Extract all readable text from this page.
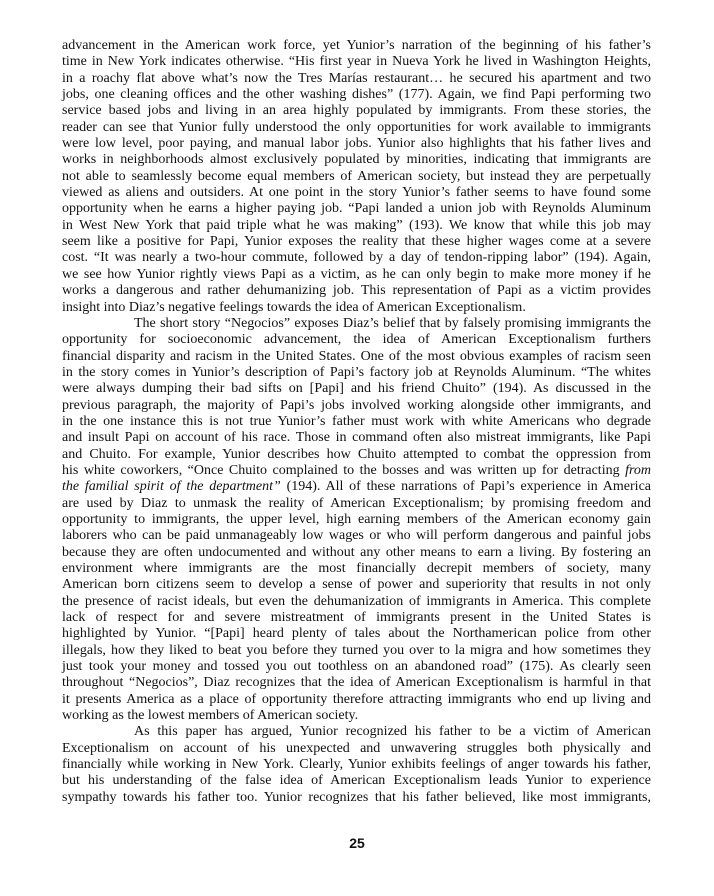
advancement in the American work force, yet Yunior’s narration of the beginning of his father’s
time in New York indicates otherwise. “His first year in Nueva York he lived in Washington Heights,
in a roachy flat above what’s now the Tres Marías restaurant… he secured his apartment and two
jobs, one cleaning offices and the other washing dishes” (177). Again, we find Papi performing two
service based jobs and living in an area highly populated by immigrants. From these stories, the
reader can see that Yunior fully understood the only opportunities for work available to immigrants
were low level, poor paying, and manual labor jobs. Yunior also highlights that his father lives and
works in neighborhoods almost exclusively populated by minorities, indicating that immigrants are
not able to seamlessly become equal members of American society, but instead they are perpetually
viewed as aliens and outsiders. At one point in the story Yunior’s father seems to have found some
opportunity when he earns a higher paying job. “Papi landed a union job with Reynolds Aluminum
in West New York that paid triple what he was making” (193). We know that while this job may
seem like a positive for Papi, Yunior exposes the reality that these higher wages come at a severe
cost. “It was nearly a two-hour commute, followed by a day of tendon-ripping labor” (194). Again,
we see how Yunior rightly views Papi as a victim, as he can only begin to make more money if he
works a dangerous and rather dehumanizing job. This representation of Papi as a victim provides
insight into Diaz’s negative feelings towards the idea of American Exceptionalism.
The short story “Negocios” exposes Diaz’s belief that by falsely promising immigrants the
opportunity for socioeconomic advancement, the idea of American Exceptionalism furthers
financial disparity and racism in the United States. One of the most obvious examples of racism seen
in the story comes in Yunior’s description of Papi’s factory job at Reynolds Aluminum. “The whites
were always dumping their bad sifts on [Papi] and his friend Chuito” (194). As discussed in the
previous paragraph, the majority of Papi’s jobs involved working alongside other immigrants, and
in the one instance this is not true Yunior’s father must work with white Americans who degrade
and insult Papi on account of his race. Those in command often also mistreat immigrants, like Papi
and Chuito. For example, Yunior describes how Chuito attempted to combat the oppression from
his white coworkers, “Once Chuito complained to the bosses and was written up for detracting from
the familial spirit of the department” (194). All of these narrations of Papi’s experience in America
are used by Diaz to unmask the reality of American Exceptionalism; by promising freedom and
opportunity to immigrants, the upper level, high earning members of the American economy gain
laborers who can be paid unmanageably low wages or who will perform dangerous and painful jobs
because they are often undocumented and without any other means to earn a living. By fostering an
environment where immigrants are the most financially decrepit members of society, many
American born citizens seem to develop a sense of power and superiority that results in not only
the presence of racist ideals, but even the dehumanization of immigrants in America. This complete
lack of respect for and severe mistreatment of immigrants present in the United States is
highlighted by Yunior. “[Papi] heard plenty of tales about the Northamerican police from other
illegals, how they liked to beat you before they turned you over to la migra and how sometimes they
just took your money and tossed you out toothless on an abandoned road” (175). As clearly seen
throughout “Negocios”, Diaz recognizes that the idea of American Exceptionalism is harmful in that
it presents America as a place of opportunity therefore attracting immigrants who end up living and
working as the lowest members of American society.
As this paper has argued, Yunior recognized his father to be a victim of American
Exceptionalism on account of his unexpected and unwavering struggles both physically and
financially while working in New York. Clearly, Yunior exhibits feelings of anger towards his father,
but his understanding of the false idea of American Exceptionalism leads Yunior to experience
sympathy towards his father too. Yunior recognizes that his father believed, like most immigrants,
25
